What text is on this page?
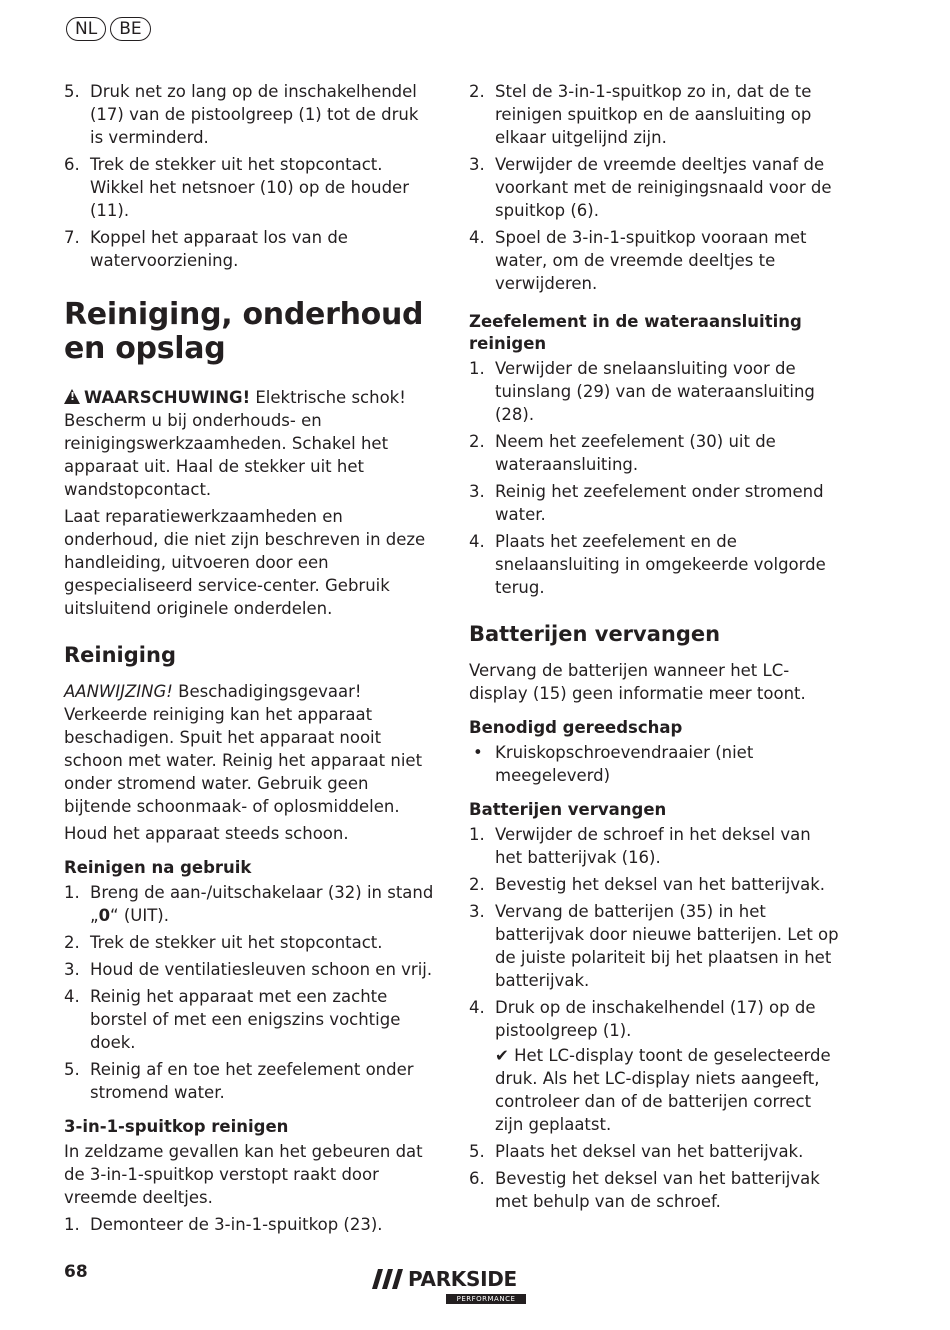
NL	BE
5. Druk net zo lang op de inschakelhendel (17) van de pistoolgreep (1) tot de druk is verminderd.
6. Trek de stekker uit het stopcontact. Wikkel het netsnoer (10) op de houder (11).
7. Koppel het apparaat los van de watervoorziening.
Reiniging, onderhoud en opslag

!WAARSCHUWING! Elektrische schok! Bescherm u bij onderhouds- en reinigingswerkzaamheden. Schakel het apparaat uit. Haal de stekker uit het wandstopcontact.

Laat reparatiewerkzaamheden en onderhoud, die niet zijn beschreven in deze handleiding, uitvoeren door een gespecialiseerd service-center. Gebruik uitsluitend originele onderdelen.

Reiniging

AANWIJZING! Beschadigingsgevaar! Verkeerde reiniging kan het apparaat beschadigen. Spuit het apparaat nooit schoon met water. Reinig het apparaat niet onder stromend water. Gebruik geen bijtende schoonmaak- of oplosmiddelen.

Houd het apparaat steeds schoon.

Reinigen na gebruik
1. Breng de aan-/uitschakelaar (32) in stand „0“ (UIT).
2. Trek de stekker uit het stopcontact.
3. Houd de ventilatiesleuven schoon en vrij.
4. Reinig het apparaat met een zachte borstel of met een enigszins vochtige doek.
5. Reinig af en toe het zeefelement onder stromend water.
3-in-1-spuitkop reinigen

In zeldzame gevallen kan het gebeuren dat de 3-in-1-spuitkop verstopt raakt door vreemde deeltjes.

1. Demonteer de 3-in-1-spuitkop (23).
2. Stel de 3-in-1-spuitkop zo in, dat de te reinigen spuitkop en de aansluiting op elkaar uitgelijnd zijn.
3. Verwijder de vreemde deeltjes vanaf de voorkant met de reinigingsnaald voor de spuitkop (6).
4. Spoel de 3-in-1-spuitkop vooraan met water, om de vreemde deeltjes te verwijderen.
Zeefelement in de wateraansluiting reinigen
1. Verwijder de snelaansluiting voor de tuinslang (29) van de wateraansluiting (28).
2. Neem het zeefelement (30) uit de wateraansluiting.
3. Reinig het zeefelement onder stromend water.
4. Plaats het zeefelement en de snelaansluiting in omgekeerde volgorde terug.
Batterijen vervangen

Vervang de batterijen wanneer het LC-display (15) geen informatie meer toont.

Benodigd gereedschap
• Kruiskopschroevendraaier (niet meegeleverd)
Batterijen vervangen
1. Verwijder de schroef in het deksel van het batterijvak (16).
2. Bevestig het deksel van het batterijvak.
3. Vervang de batterijen (35) in het batterijvak door nieuwe batterijen. Let op de juiste polariteit bij het plaatsen in het batterijvak.
4. Druk op de inschakelhendel (17) op de pistoolgreep (1).
✔ Het LC-display toont de geselecteerde druk. Als het LC-display niets aangeeft, controleer dan of de batterijen correct zijn geplaatst.
5. Plaats het deksel van het batterijvak.
6. Bevestig het deksel van het batterijvak met behulp van de schroef.
68	PARKSIDE
PERFORMANCE
